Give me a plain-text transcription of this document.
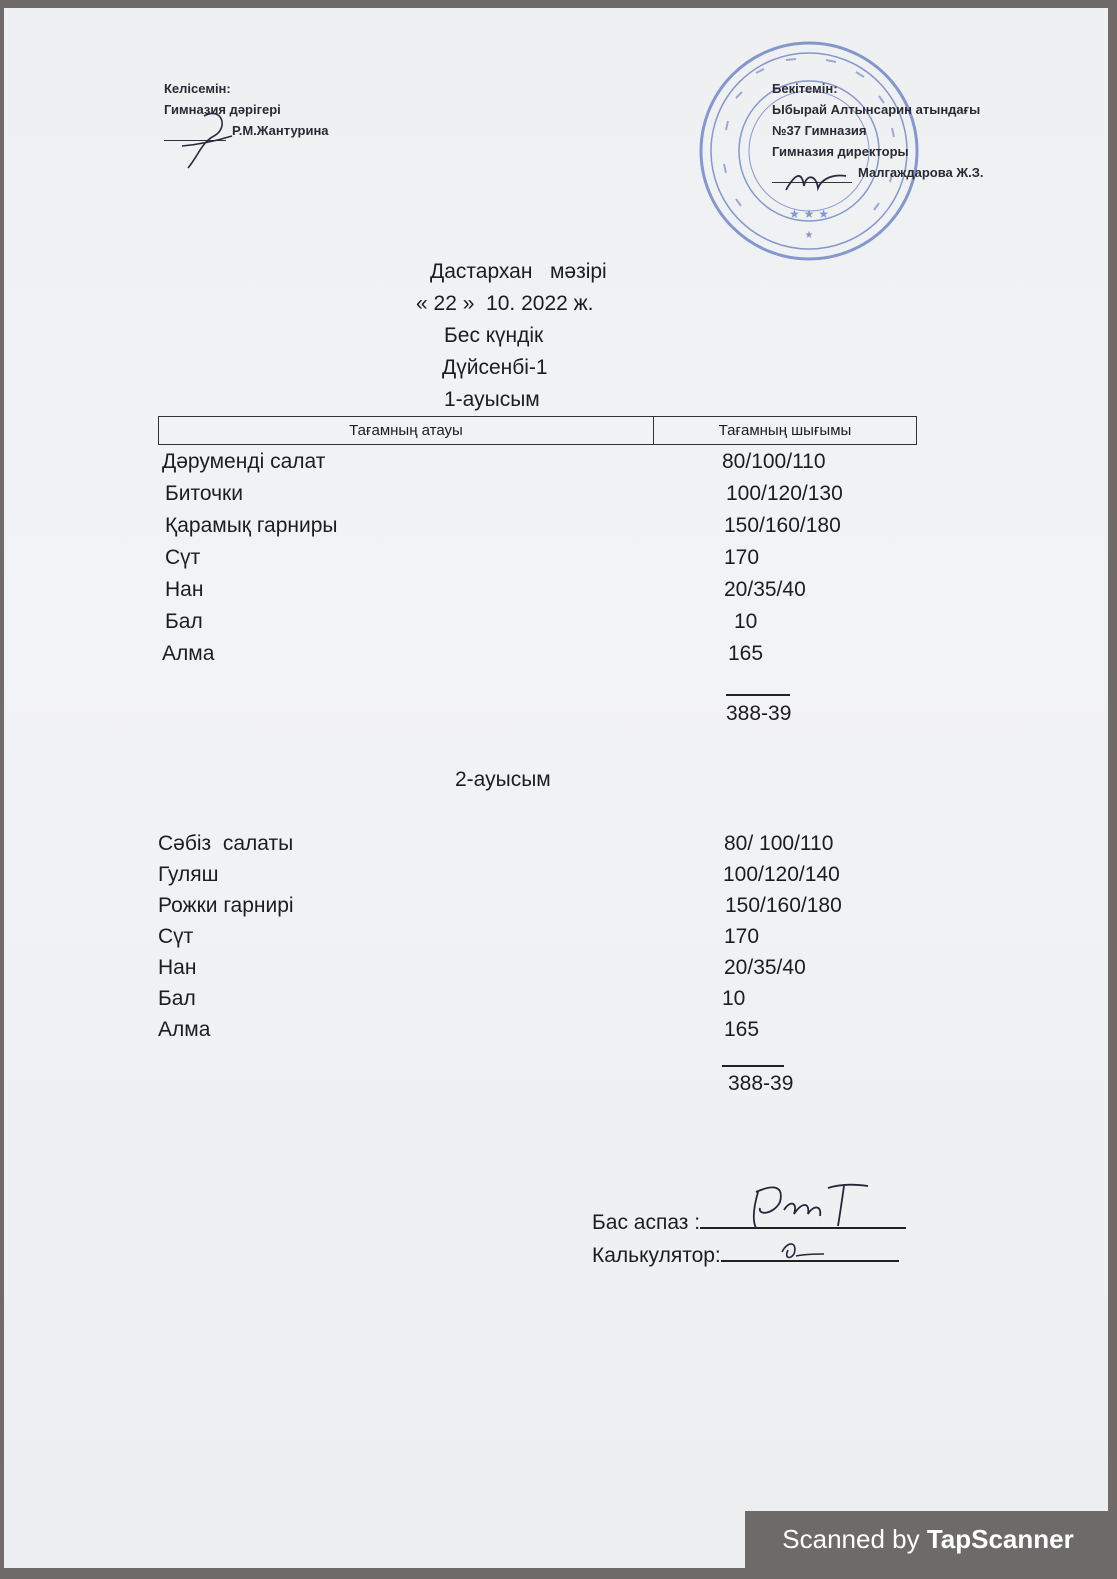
Келісемін:
Гимназия дәрігері
Р.М.Жантурина
★ ★ ★
★
Бекітемін:
Ыбырай Алтынсарин атындағы
№37 Гимназия
Гимназия директоры
Малгаждарова Ж.З.
Дастархан   мәзірі
« 22 »  10. 2022 ж.
Бес күндік
Дүйсенбі-1
1-ауысым
Тағамның атауы	Тағамның шығымы
Дәрумендi салат	80/100/110
Биточки	100/120/130
Қарамық гарниры	150/160/180
Сүт	170
Нан	20/35/40
Бал	10
Алма	165
388-39
2-ауысым
Сәбіз  салаты	80/ 100/110
Гуляш	100/120/140
Рожки гарнирі	150/160/180
Сүт	170
Нан	20/35/40
Бал	10
Алма	165
388-39
Бас аспаз :
Калькулятор:
Scanned by TapScanner
